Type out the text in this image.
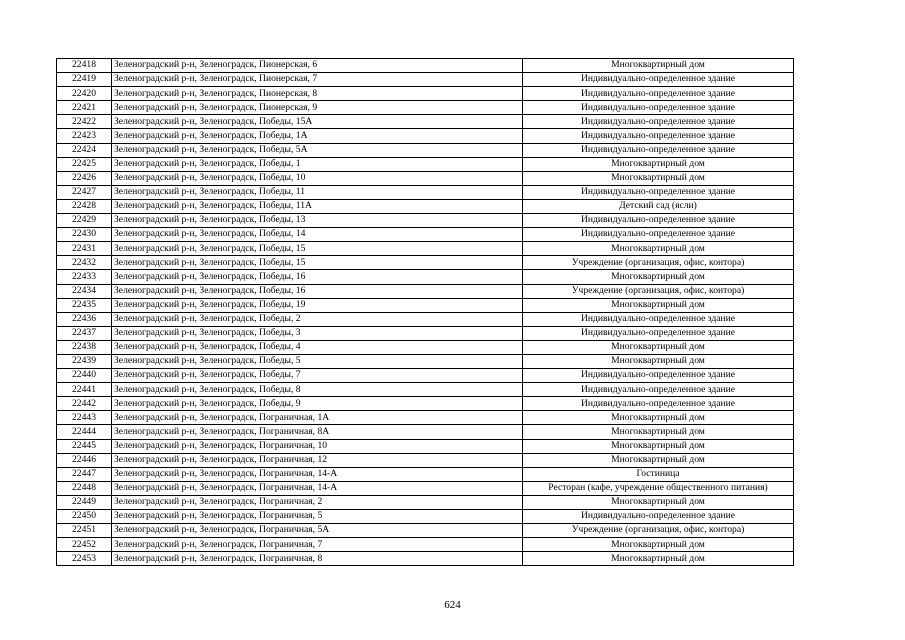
22418	Зеленоградский р-н, Зеленоградск, Пионерская, 6	Многоквартирный дом
22419	Зеленоградский р-н, Зеленоградск, Пионерская, 7	Индивидуально-определенное здание
22420	Зеленоградский р-н, Зеленоградск, Пионерская, 8	Индивидуально-определенное здание
22421	Зеленоградский р-н, Зеленоградск, Пионерская, 9	Индивидуально-определенное здание
22422	Зеленоградский р-н, Зеленоградск, Победы, 15А	Индивидуально-определенное здание
22423	Зеленоградский р-н, Зеленоградск, Победы, 1А	Индивидуально-определенное здание
22424	Зеленоградский р-н, Зеленоградск, Победы, 5А	Индивидуально-определенное здание
22425	Зеленоградский р-н, Зеленоградск, Победы, 1	Многоквартирный дом
22426	Зеленоградский р-н, Зеленоградск, Победы, 10	Многоквартирный дом
22427	Зеленоградский р-н, Зеленоградск, Победы, 11	Индивидуально-определенное здание
22428	Зеленоградский р-н, Зеленоградск, Победы, 11А	Детский сад (ясли)
22429	Зеленоградский р-н, Зеленоградск, Победы, 13	Индивидуально-определенное здание
22430	Зеленоградский р-н, Зеленоградск, Победы, 14	Индивидуально-определенное здание
22431	Зеленоградский р-н, Зеленоградск, Победы, 15	Многоквартирный дом
22432	Зеленоградский р-н, Зеленоградск, Победы, 15	Учреждение (организация, офис, контора)
22433	Зеленоградский р-н, Зеленоградск, Победы, 16	Многоквартирный дом
22434	Зеленоградский р-н, Зеленоградск, Победы, 16	Учреждение (организация, офис, контора)
22435	Зеленоградский р-н, Зеленоградск, Победы, 19	Многоквартирный дом
22436	Зеленоградский р-н, Зеленоградск, Победы, 2	Индивидуально-определенное здание
22437	Зеленоградский р-н, Зеленоградск, Победы, 3	Индивидуально-определенное здание
22438	Зеленоградский р-н, Зеленоградск, Победы, 4	Многоквартирный дом
22439	Зеленоградский р-н, Зеленоградск, Победы, 5	Многоквартирный дом
22440	Зеленоградский р-н, Зеленоградск, Победы, 7	Индивидуально-определенное здание
22441	Зеленоградский р-н, Зеленоградск, Победы, 8	Индивидуально-определенное здание
22442	Зеленоградский р-н, Зеленоградск, Победы, 9	Индивидуально-определенное здание
22443	Зеленоградский р-н, Зеленоградск, Пограничная, 1А	Многоквартирный дом
22444	Зеленоградский р-н, Зеленоградск, Пограничная, 8А	Многоквартирный дом
22445	Зеленоградский р-н, Зеленоградск, Пограничная, 10	Многоквартирный дом
22446	Зеленоградский р-н, Зеленоградск, Пограничная, 12	Многоквартирный дом
22447	Зеленоградский р-н, Зеленоградск, Пограничная, 14-А	Гостиница
22448	Зеленоградский р-н, Зеленоградск, Пограничная, 14-А	Ресторан (кафе, учреждение общественного питания)
22449	Зеленоградский р-н, Зеленоградск, Пограничная, 2	Многоквартирный дом
22450	Зеленоградский р-н, Зеленоградск, Пограничная, 5	Индивидуально-определенное здание
22451	Зеленоградский р-н, Зеленоградск, Пограничная, 5А	Учреждение (организация, офис, контора)
22452	Зеленоградский р-н, Зеленоградск, Пограничная, 7	Многоквартирный дом
22453	Зеленоградский р-н, Зеленоградск, Пограничная, 8	Многоквартирный дом
624
